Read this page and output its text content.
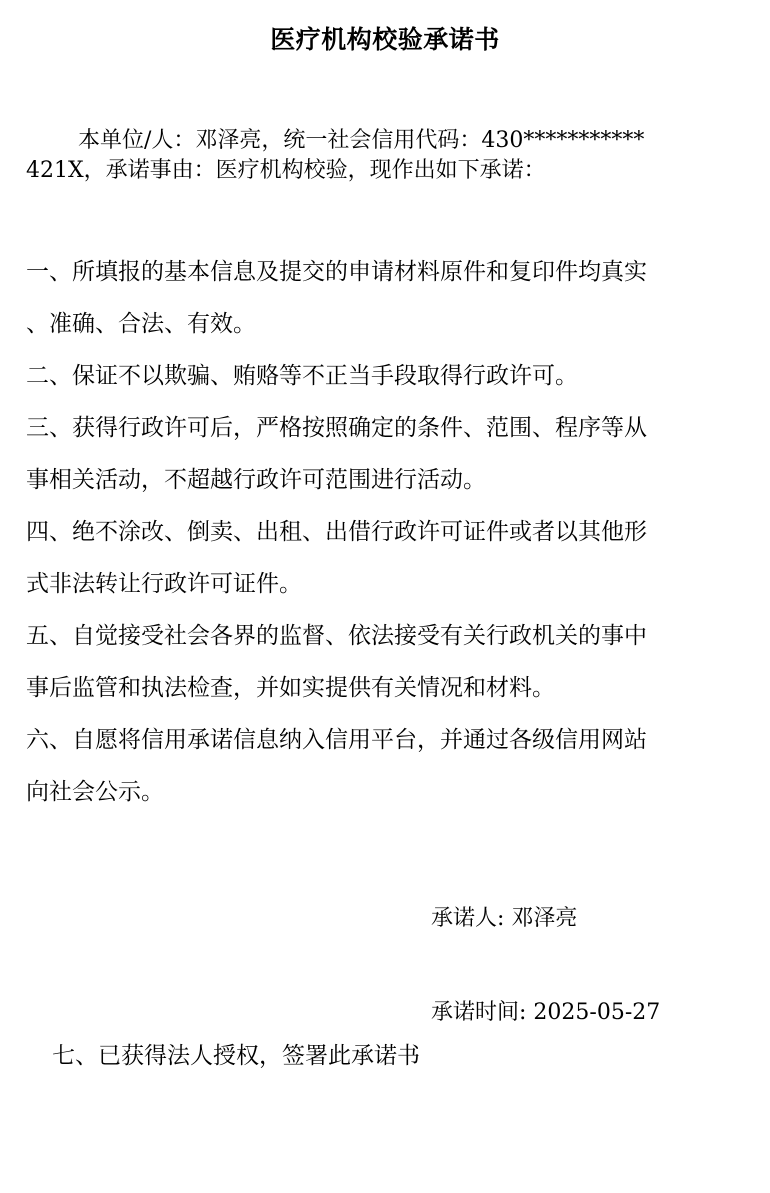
医疗机构校验承诺书
本单位/人：邓泽亮，统一社会信用代码：430***********
421X，承诺事由：医疗机构校验，现作出如下承诺：
一、所填报的基本信息及提交的申请材料原件和复印件均真实
、准确、合法、有效。
二、保证不以欺骗、贿赂等不正当手段取得行政许可。
三、获得行政许可后，严格按照确定的条件、范围、程序等从
事相关活动，不超越行政许可范围进行活动。
四、绝不涂改、倒卖、出租、出借行政许可证件或者以其他形
式非法转让行政许可证件。
五、自觉接受社会各界的监督、依法接受有关行政机关的事中
事后监管和执法检查，并如实提供有关情况和材料。
六、自愿将信用承诺信息纳入信用平台，并通过各级信用网站
向社会公示。
七、已获得法人授权，签署此承诺书
承诺人: 邓泽亮
承诺时间: 2025-05-27
